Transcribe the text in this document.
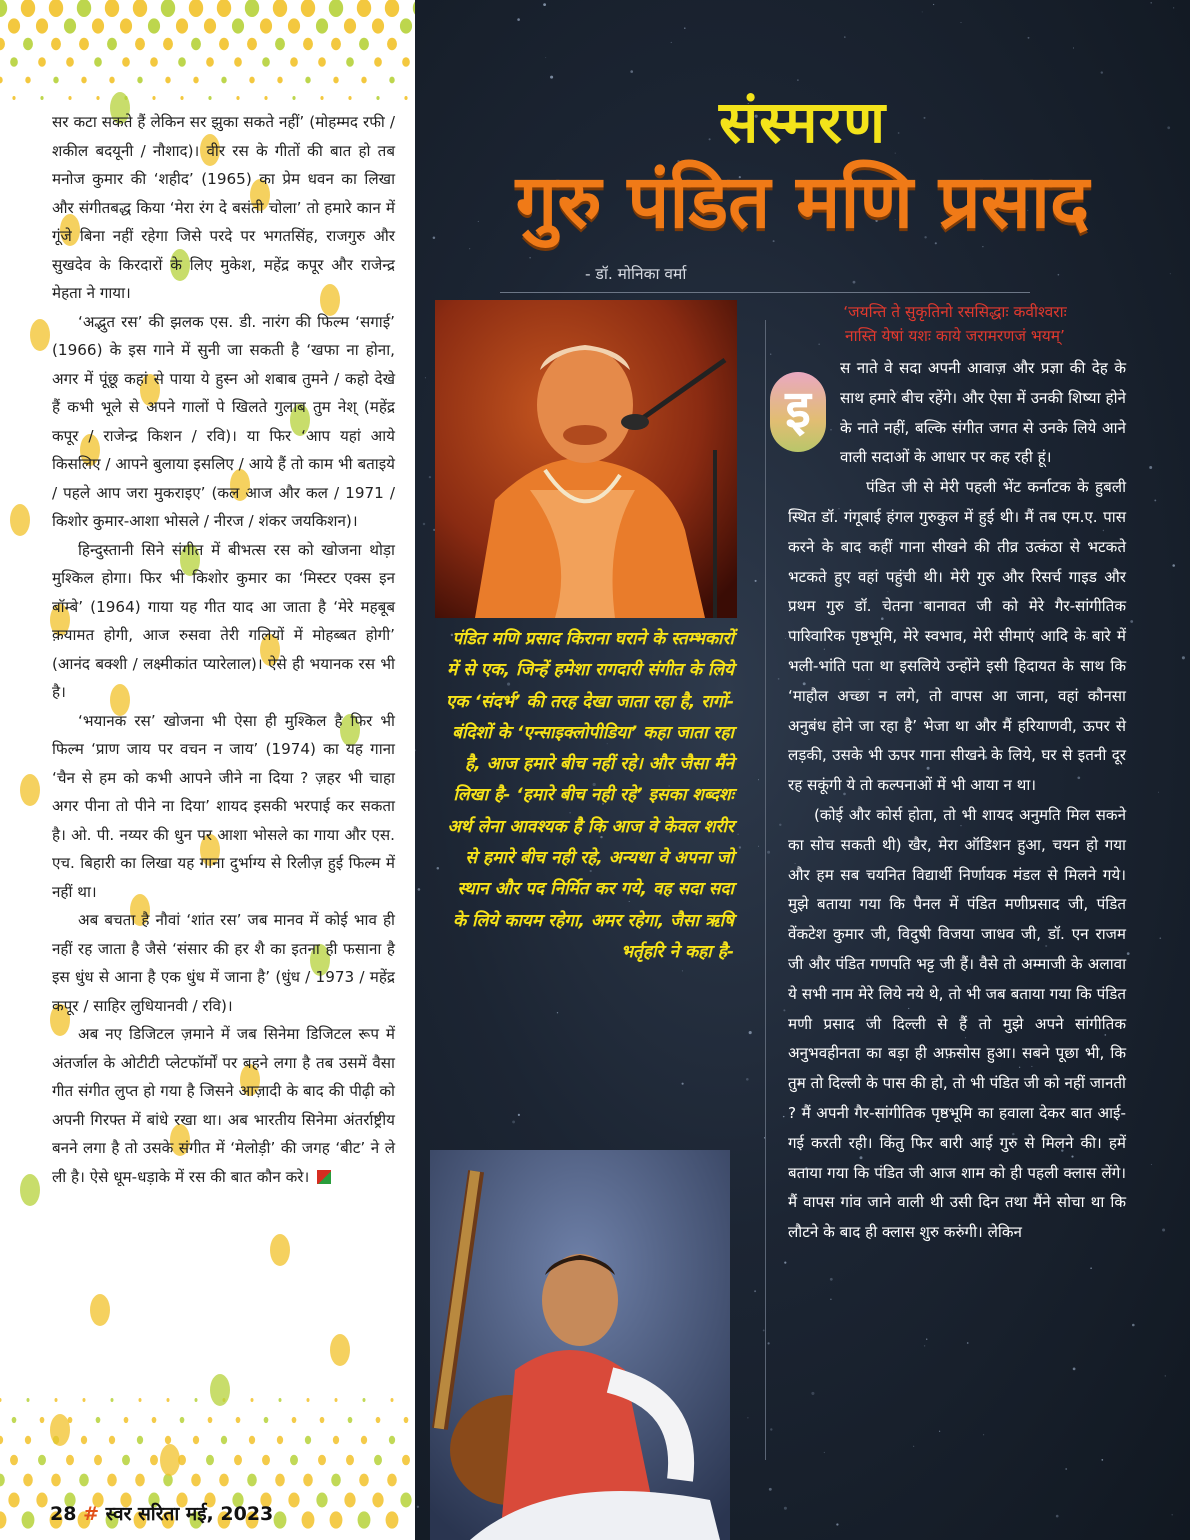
सर कटा सकते हैं लेकिन सर झुका सकते नहीं’ (मोहम्मद रफी / शकील बदयूनी / नौशाद)। वीर रस के गीतों की बात हो तब मनोज कुमार की ‘शहीद’ (1965) का प्रेम धवन का लिखा और संगीतबद्ध किया ‘मेरा रंग दे बसंती चोला’ तो हमारे कान में गूंजे बिना नहीं रहेगा जिसे परदे पर भगतसिंह, राजगुरु और सुखदेव के किरदारों के लिए मुकेश, महेंद्र कपूर और राजेन्द्र मेहता ने गाया।

‘अद्भुत रस’ की झलक एस. डी. नारंग की फिल्म ‘सगाई’ (1966) के इस गाने में सुनी जा सकती है ‘खफा ना होना, अगर में पूंछू कहां से पाया ये हुस्न ओ शबाब तुमने / कहो देखे हैं कभी भूले से अपने गालों पे खिलते गुलाब तुम नेश् (महेंद्र कपूर / राजेन्द्र किशन / रवि)। या फिर ‘आप यहां आये किसलिए / आपने बुलाया इसलिए / आये हैं तो काम भी बताइये / पहले आप जरा मुकराइए’ (कल आज और कल / 1971 / किशोर कुमार-आशा भोसले / नीरज / शंकर जयकिशन)।

हिन्दुस्तानी सिने संगीत में बीभत्स रस को खोजना थोड़ा मुश्किल होगा। फिर भी किशोर कुमार का ‘मिस्टर एक्स इन बॉम्बे’ (1964) गाया यह गीत याद आ जाता है ‘मेरे महबूब क़यामत होगी, आज रुसवा तेरी गलियों में मोहब्बत होगी’ (आनंद बक्शी / लक्ष्मीकांत प्यारेलाल)। ऐसे ही भयानक रस भी है।

‘भयानक रस’ खोजना भी ऐसा ही मुश्किल है फिर भी फिल्म ‘प्राण जाय पर वचन न जाय’ (1974) का यह गाना ‘चैन से हम को कभी आपने जीने ना दिया ? ज़हर भी चाहा अगर पीना तो पीने ना दिया’ शायद इसकी भरपाई कर सकता है। ओ. पी. नय्यर की धुन पर आशा भोसले का गाया और एस. एच. बिहारी का लिखा यह गाना दुर्भाग्य से रिलीज़ हुई फिल्म में नहीं था।

अब बचता है नौवां ‘शांत रस’ जब मानव में कोई भाव ही नहीं रह जाता है जैसे ‘संसार की हर शै का इतना ही फसाना है इस धुंध से आना है एक धुंध में जाना है’ (धुंध / 1973 / महेंद्र कपूर / साहिर लुधियानवी / रवि)।

अब नए डिजिटल ज़माने में जब सिनेमा डिजिटल रूप में अंतर्जाल के ओटीटी प्लेटफॉर्मों पर बहने लगा है तब उसमें वैसा गीत संगीत लुप्त हो गया है जिसने आज़ादी के बाद की पीढ़ी को अपनी गिरफ्त में बांधे रखा था। अब भारतीय सिनेमा अंतर्राष्ट्रीय बनने लगा है तो उसके संगीत में ‘मेलोड़ी’ की जगह ‘बीट’ ने ले ली है। ऐसे धूम-धड़ाके में रस की बात कौन करे।

28 # स्वर सरिता मई, 2023
संस्मरण
गुरु पंडित मणि प्रसाद
- डॉ. मोनिका वर्मा
पंडित मणि प्रसाद किराना घराने के स्तम्भकारों में से एक, जिन्हें हमेशा रागदारी संगीत के लिये एक ‘संदर्भ’ की तरह देखा जाता रहा है, रागों-बंदिशों के ‘एन्साइक्लोपीडिया’ कहा जाता रहा है, आज हमारे बीच नहीं रहे। और जैसा मैंने लिखा है- ‘हमारे बीच नही रहे’ इसका शब्दशः अर्थ लेना आवश्यक है कि आज वे केवल शरीर से हमारे बीच नही रहे, अन्यथा वे अपना जो स्थान और पद निर्मित कर गये, वह सदा सदा के लिये कायम रहेगा, अमर रहेगा, जैसा ऋषि भर्तृहरि ने कहा है-
‘जयन्ति ते सुकृतिनो रससिद्धाः कवीश्वराः
नास्ति येषां यशः काये जरामरणजं भयम्’

स नाते वे सदा अपनी आवाज़ और प्रज्ञा की देह के साथ हमारे बीच रहेंगे। और ऐसा में उनकी शिष्या होने के नाते नहीं, बल्कि संगीत जगत से उनके लिये आने वाली सदाओं के आधार पर कह रही हूं।

पंडित जी से मेरी पहली भेंट कर्नाटक के हुबली स्थित डॉ. गंगूबाई हंगल गुरुकुल में हुई थी। मैं तब एम.ए. पास करने के बाद कहीं गाना सीखने की तीव्र उत्कंठा से भटकते भटकते हुए वहां पहुंची थी। मेरी गुरु और रिसर्च गाइड और प्रथम गुरु डॉ. चेतना बानावत जी को मेरे गैर-सांगीतिक पारिवारिक पृष्ठभूमि, मेरे स्वभाव, मेरी सीमाएं आदि के बारे में भली-भांति पता था इसलिये उन्होंने इसी हिदायत के साथ कि ‘माहौल अच्छा न लगे, तो वापस आ जाना, वहां कौनसा अनुबंध होने जा रहा है’ भेजा था और मैं हरियाणवी, ऊपर से लड़की, उसके भी ऊपर गाना सीखने के लिये, घर से इतनी दूर रह सकूंगी ये तो कल्पनाओं में भी आया न था।

(कोई और कोर्स होता, तो भी शायद अनुमति मिल सकने का सोच सकती थी) खैर, मेरा ऑडिशन हुआ, चयन हो गया और हम सब चयनित विद्यार्थी निर्णायक मंडल से मिलने गये। मुझे बताया गया कि पैनल में पंडित मणीप्रसाद जी, पंडित वेंकटेश कुमार जी, विदुषी विजया जाधव जी, डॉ. एन राजम जी और पंडित गणपति भट्ट जी हैं। वैसे तो अम्माजी के अलावा ये सभी नाम मेरे लिये नये थे, तो भी जब बताया गया कि पंडित मणी प्रसाद जी दिल्ली से हैं तो मुझे अपने सांगीतिक अनुभवहीनता का बड़ा ही अफ़सोस हुआ। सबने पूछा भी, कि तुम तो दिल्ली के पास की हो, तो भी पंडित जी को नहीं जानती ? मैं अपनी गैर-सांगीतिक पृष्ठभूमि का हवाला देकर बात आई-गई करती रही। किंतु फिर बारी आई गुरु से मिलने की। हमें बताया गया कि पंडित जी आज शाम को ही पहली क्लास लेंगे। मैं वापस गांव जाने वाली थी उसी दिन तथा मैंने सोचा था कि लौटने के बाद ही क्लास शुरु करुंगी। लेकिन

इ
